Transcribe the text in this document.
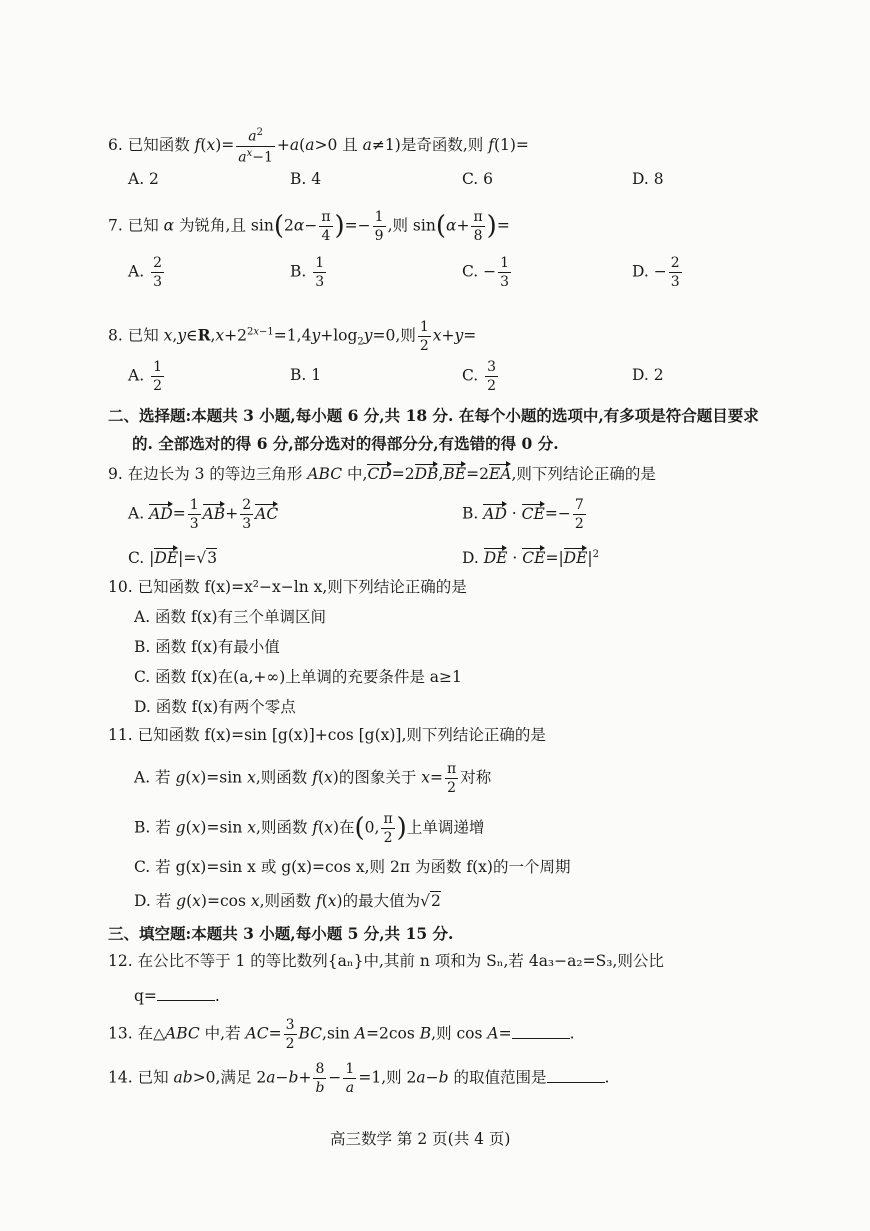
6. 已知函数 $f(x)= \frac{a^2}{a^x-1} +a(a>0$ 且 a≠1)是奇函数,则 f(1)=
A. 2	B. 4	C. 6	D. 8
7. 已知 α 为锐角,且 $\sin(2\alpha- \frac{\pi}{4}$ )=− $\frac{1}{9}$ ,则 $\sin(\alpha+ \frac{\pi}{8}$ )=
A. $\frac{2}{3}$	B. $\frac{1}{3}$	C. − $\frac{1}{3}$	D. − $\frac{2}{3}$
8. 已知 $x,y\in R,x+2^{2x-1}=1,4y+\log_2y=0$,则 $\frac{1}{2} x+y=$
A. $\frac{1}{2}$	B. 1	C. $\frac{3}{2}$	D. 2
二、选择题:本题共 3 小题,每小题 6 分,共 18 分. 在每个小题的选项中,有多项是符合题目要求
的. 全部选对的得 6 分,部分选对的得部分分,有选错的得 0 分.
9. 在边长为 3 的等边三角形 ABC 中,CD=2DB,BE=2EA,则下列结论正确的是
A. $AD= \frac{1}{3} AB+ \frac{2}{3}$ AC	B. AD · $CE=- \frac{7}{2}$
C. |DE|=√3	D. DE · $CE=|DE|^2$
10. 已知函数 f(x)=x²−x−ln x,则下列结论正确的是
A. 函数 f(x)有三个单调区间
B. 函数 f(x)有最小值
C. 函数 f(x)在(a,+∞)上单调的充要条件是 a≥1
D. 函数 f(x)有两个零点
11. 已知函数 f(x)=sin [g(x)]+cos [g(x)],则下列结论正确的是
A. 若 g(x)=sin x,则函数 f(x)的图象关于 $x= \frac{\pi}{2}$ 对称
B. 若 g(x)=sin x,则函数 f(x)在(0, $\frac{\pi}{2}$ )上单调递增
C. 若 g(x)=sin x 或 g(x)=cos x,则 2π 为函数 f(x)的一个周期
D. 若 g(x)=cos x,则函数 f(x)的最大值为√2
三、填空题:本题共 3 小题,每小题 5 分,共 15 分.
12. 在公比不等于 1 的等比数列{aₙ}中,其前 n 项和为 Sₙ,若 4a₃−a₂=S₃,则公比
q=	.
13. 在△ABC 中,若 $AC= \frac{3}{2} BC,\sin$ A=2cos B,则 cos A=	.
14. 已知 ab>0,满足 $2a-b+ \frac{8}{b} - \frac{1}{a} =1$,则 2a−b 的取值范围是	.
高三数学 第 2 页(共 4 页)
